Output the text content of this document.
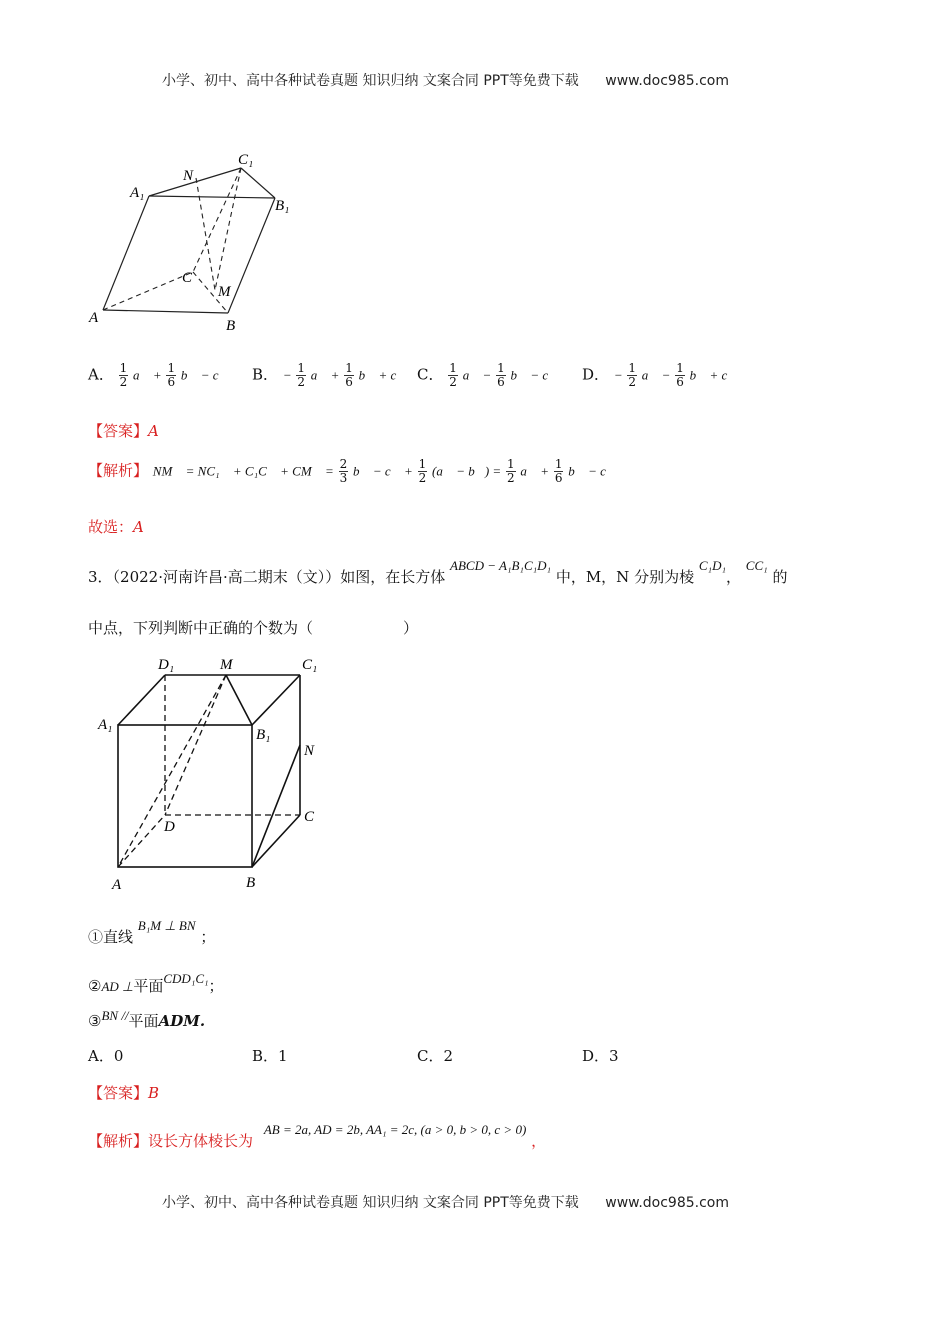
小学、初中、高中各种试卷真题 知识归纳 文案合同 PPT等免费下载 www.doc985.com
C₁
N
A₁
B₁
C
M
A	B
A． $\frac{1}{2}$ a⃗ + $\frac{1}{6}$ b⃗ − c B． − $\frac{1}{2}$ a⃗ + $\frac{1}{6}$ b⃗ + c C． $\frac{1}{2}$ a⃗ − $\frac{1}{6}$ b⃗ − c D． − $\frac{1}{2}$ a⃗ − $\frac{1}{6}$ b⃗ + c
【答案】A
【解析】 NM⃗ = NC₁⃗ + C₁C⃗ + CM⃗ = $\frac{2}{3}$ b⃗ − c⃗ + $\frac{1}{2}$ (a⃗ − b⃗) = $\frac{1}{2}$ a⃗ + $\frac{1}{6}$ b⃗ − c⃗
故选：A
3．（2022·河南许昌·高二期末（文））如图，在长方体 ABCD − A₁B₁C₁D₁ 中，M，N 分别为棱 C₁D₁， CC₁ 的
中点，下列判断中正确的个数为（　　　　　　）
D₁	M	C₁
A₁
B₁
N
D
C
A	B
①直线 B₁M ⊥ BN ；
②AD ⊥平面CDD₁C₁；
③BN //平面ADM.
A．0	B．1	C．2	D．3
【答案】B
【解析】设长方体棱长为 AB = 2a, AD = 2b, AA₁ = 2c, (a > 0, b > 0, c > 0) ，
小学、初中、高中各种试卷真题 知识归纳 文案合同 PPT等免费下载 www.doc985.com
